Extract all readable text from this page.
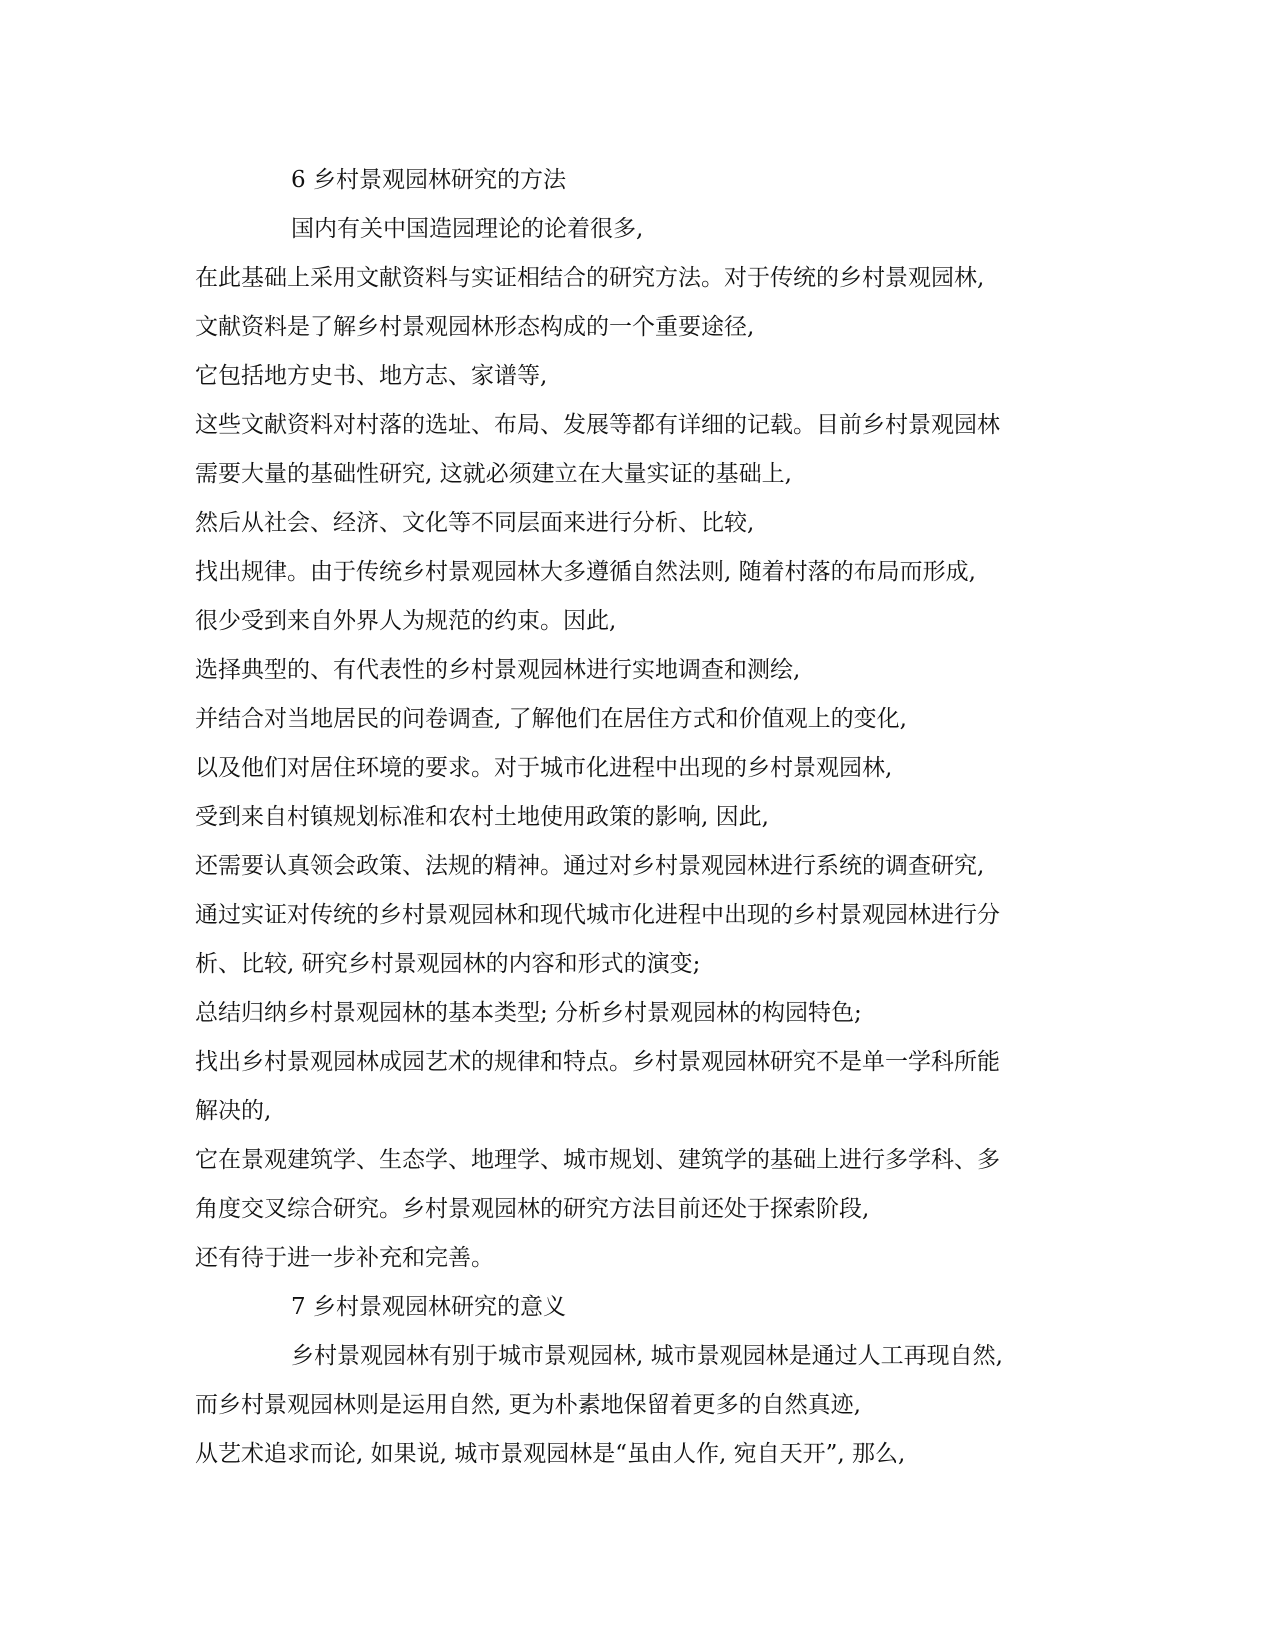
6 乡村景观园林研究的方法
国内有关中国造园理论的论着很多,
在此基础上采用文献资料与实证相结合的研究方法。对于传统的乡村景观园林,
文献资料是了解乡村景观园林形态构成的一个重要途径,
它包括地方史书、地方志、家谱等,
这些文献资料对村落的选址、布局、发展等都有详细的记载。目前乡村景观园林
需要大量的基础性研究, 这就必须建立在大量实证的基础上,
然后从社会、经济、文化等不同层面来进行分析、比较,
找出规律。由于传统乡村景观园林大多遵循自然法则, 随着村落的布局而形成,
很少受到来自外界人为规范的约束。因此,
选择典型的、有代表性的乡村景观园林进行实地调查和测绘,
并结合对当地居民的问卷调查, 了解他们在居住方式和价值观上的变化,
以及他们对居住环境的要求。对于城市化进程中出现的乡村景观园林,
受到来自村镇规划标准和农村土地使用政策的影响, 因此,
还需要认真领会政策、法规的精神。通过对乡村景观园林进行系统的调查研究,
通过实证对传统的乡村景观园林和现代城市化进程中出现的乡村景观园林进行分
析、比较, 研究乡村景观园林的内容和形式的演变;
总结归纳乡村景观园林的基本类型; 分析乡村景观园林的构园特色;
找出乡村景观园林成园艺术的规律和特点。乡村景观园林研究不是单一学科所能
解决的,
它在景观建筑学、生态学、地理学、城市规划、建筑学的基础上进行多学科、多
角度交叉综合研究。乡村景观园林的研究方法目前还处于探索阶段,
还有待于进一步补充和完善。
7 乡村景观园林研究的意义
乡村景观园林有别于城市景观园林, 城市景观园林是通过人工再现自然,
而乡村景观园林则是运用自然, 更为朴素地保留着更多的自然真迹,
从艺术追求而论, 如果说, 城市景观园林是“虽由人作, 宛自天开”, 那么,
